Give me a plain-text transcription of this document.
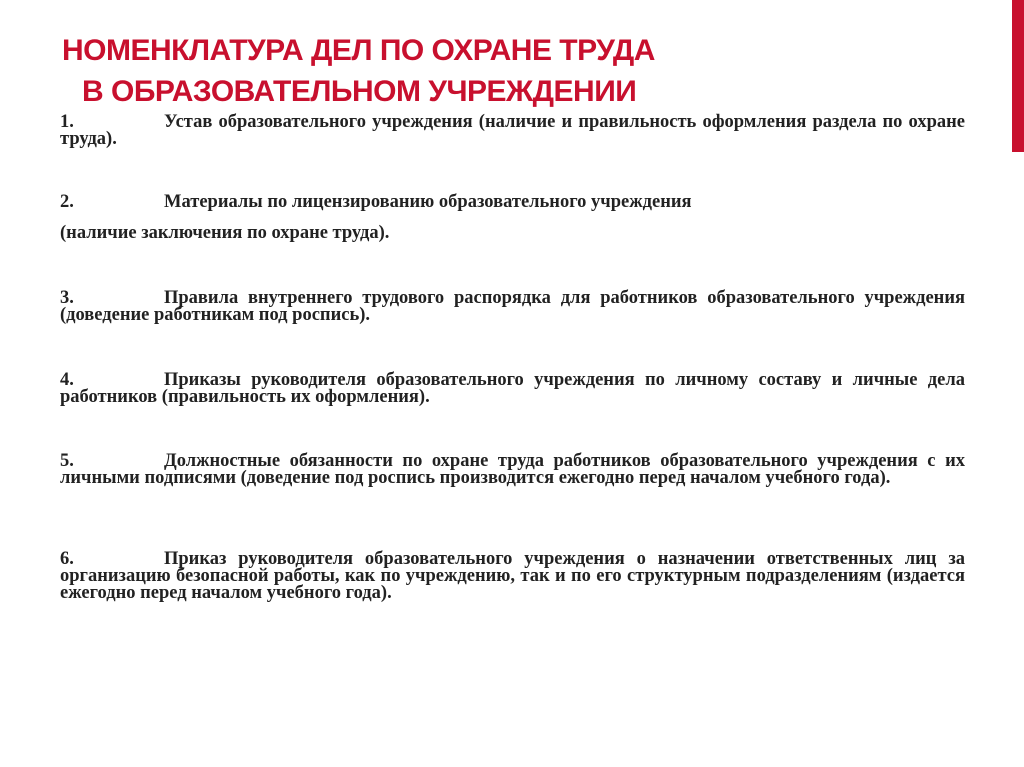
НОМЕНКЛАТУРА ДЕЛ ПО ОХРАНЕ ТРУДА
В ОБРАЗОВАТЕЛЬНОМ УЧРЕЖДЕНИИ
1.	Устав образовательного учреждения (наличие и правильность оформления раздела по охране труда).
2.	Материалы по лицензированию образовательного учреждения
(наличие заключения по охране труда).
3.	Правила внутреннего трудового распорядка для работников образовательного учреждения (доведение работникам под роспись).
4.	Приказы руководителя образовательного учреждения по личному составу и личные дела работников (правильность их оформления).
5.	Должностные обязанности по охране труда работников образовательного учреждения с их личными подписями (доведение под роспись производится ежегодно перед началом учебного года).
6.	Приказ руководителя образовательного учреждения о назначении ответственных лиц за организацию безопасной работы, как по учреждению, так и по его структурным подразделениям (издается ежегодно перед началом учебного года).
